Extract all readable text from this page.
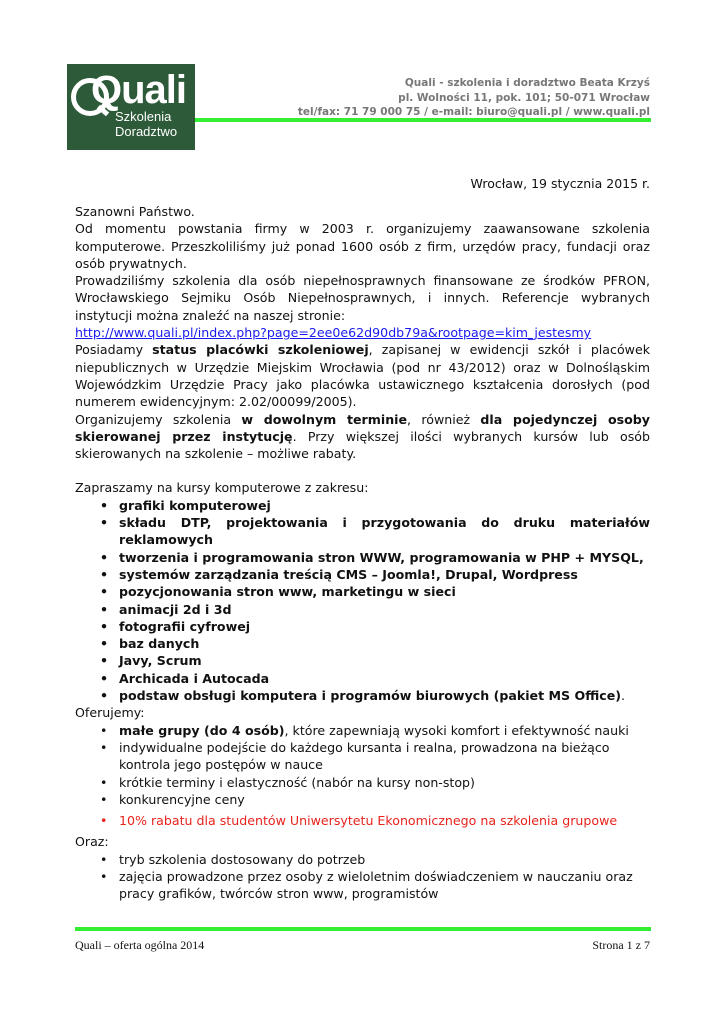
Quali
Szkolenia
Doradztwo
Quali - szkolenia i doradztwo Beata Krzyś
pl. Wolności 11, pok. 101; 50-071 Wrocław
tel/fax: 71 79 000 75 / e-mail: biuro@quali.pl / www.quali.pl
Wrocław, 19 stycznia 2015 r.

Szanowni Państwo.

Od momentu powstania firmy w 2003 r. organizujemy zaawansowane szkolenia komputerowe. Przeszkoliliśmy już ponad 1600 osób z firm, urzędów pracy, fundacji oraz osób prywatnych.

Prowadziliśmy szkolenia dla osób niepełnosprawnych finansowane ze środków PFRON, Wrocławskiego Sejmiku Osób Niepełnosprawnych, i innych. Referencje wybranych instytucji można znaleźć na naszej stronie:

http://www.quali.pl/index.php?page=2ee0e62d90db79a&rootpage=kim_jestesmy

Posiadamy status placówki szkoleniowej, zapisanej w ewidencji szkół i placówek niepublicznych w Urzędzie Miejskim Wrocławia (pod nr 43/2012) oraz w Dolnośląskim Wojewódzkim Urzędzie Pracy jako placówka ustawicznego kształcenia dorosłych (pod numerem ewidencyjnym: 2.02/00099/2005).

Organizujemy szkolenia w dowolnym terminie, również dla pojedynczej osoby skierowanej przez instytucję. Przy większej ilości wybranych kursów lub osób skierowanych na szkolenie – możliwe rabaty.

Zapraszamy na kursy komputerowe z zakresu:

• grafiki komputerowej
• składu DTP, projektowania i przygotowania do druku materiałów reklamowych
• tworzenia i programowania stron WWW, programowania w PHP + MYSQL,
• systemów zarządzania treścią CMS – Joomla!, Drupal, Wordpress
• pozycjonowania stron www, marketingu w sieci
• animacji 2d i 3d
• fotografii cyfrowej
• baz danych
• Javy, Scrum
• Archicada i Autocada
• podstaw obsługi komputera i programów biurowych (pakiet MS Office).

Oferujemy:

• małe grupy (do 4 osób), które zapewniają wysoki komfort i efektywność nauki
• indywidualne podejście do każdego kursanta i realna, prowadzona na bieżąco kontrola jego postępów w nauce
• krótkie terminy i elastyczność (nabór na kursy non-stop)
• konkurencyjne ceny
• 10% rabatu dla studentów Uniwersytetu Ekonomicznego na szkolenia grupowe

Oraz:

• tryb szkolenia dostosowany do potrzeb
• zajęcia prowadzone przez osoby z wieloletnim doświadczeniem w nauczaniu oraz pracy grafików, twórców stron www, programistów
Quali – oferta ogólna 2014	Strona 1 z 7
